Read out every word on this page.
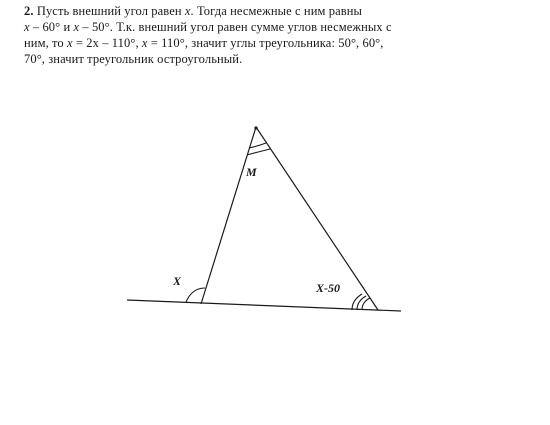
2. Пусть внешний угол равен x. Тогда несмежные с ним равны
x – 60° и x – 50°. Т.к. внешний угол равен сумме углов несмежных с
ним, то x = 2x – 110°, x = 110°, значит углы треугольника: 50°, 60°,
70°, значит треугольник остроугольный.
M
X	X-50
